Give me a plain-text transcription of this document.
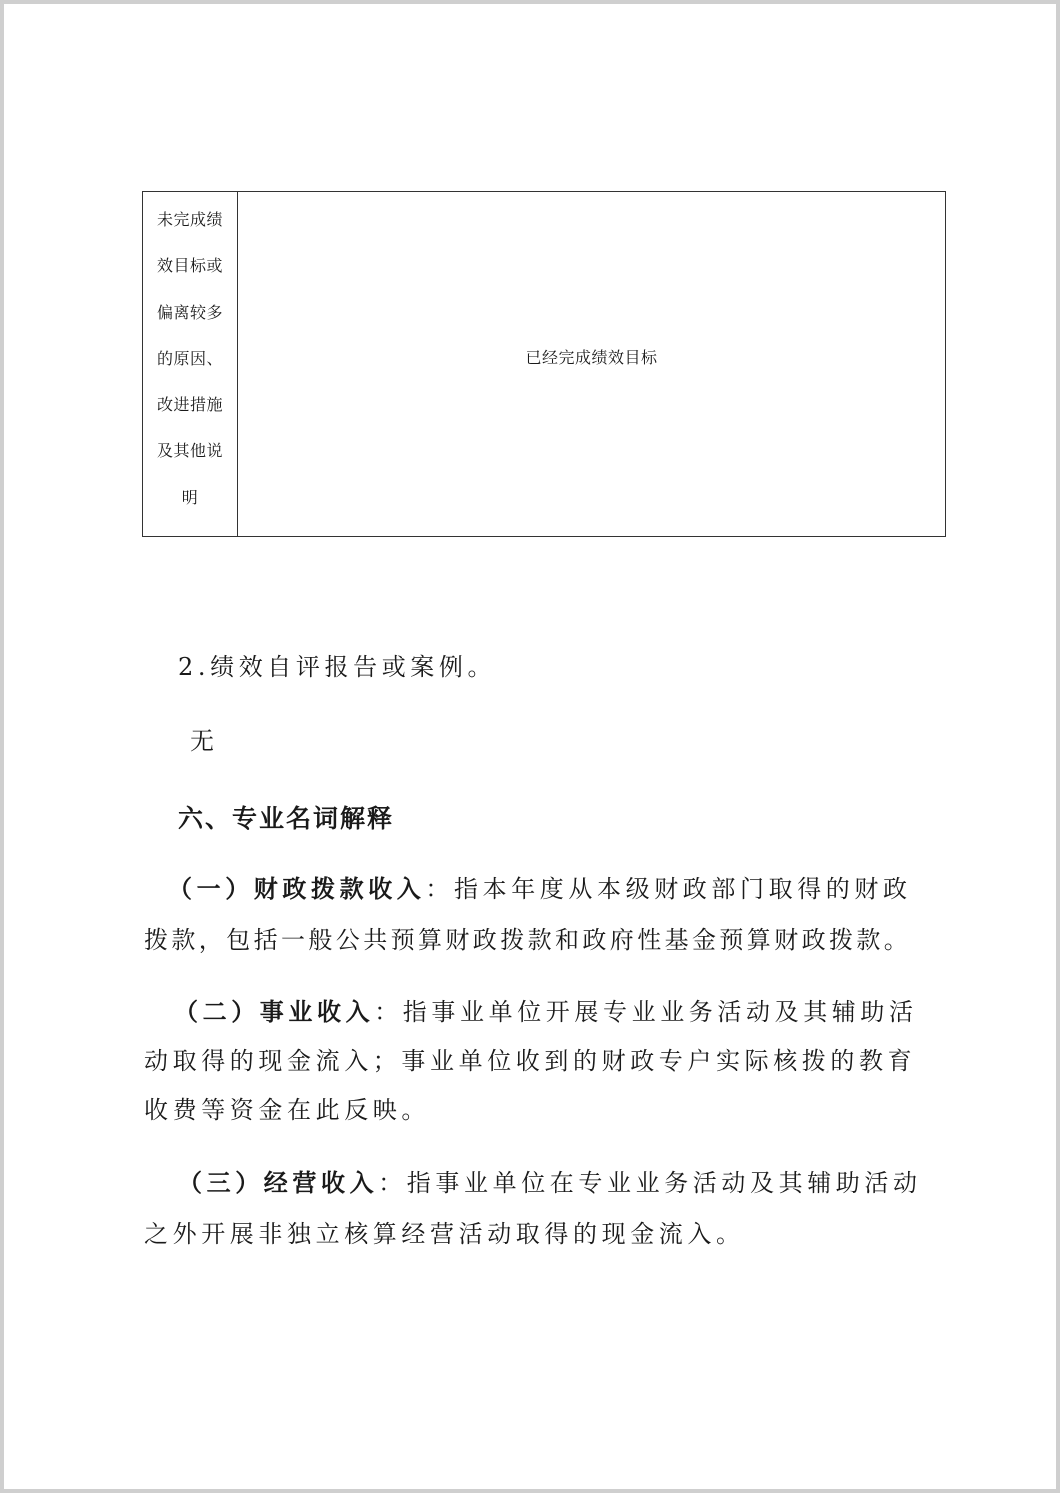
未完成绩
效目标或
偏离较多
的原因、
改进措施
及其他说
明
已经完成绩效目标
2.绩效自评报告或案例。
无
六、专业名词解释
（一）财政拨款收入：指本年度从本级财政部门取得的财政
拨款，包括一般公共预算财政拨款和政府性基金预算财政拨款。
（二）事业收入：指事业单位开展专业业务活动及其辅助活
动取得的现金流入；事业单位收到的财政专户实际核拨的教育
收费等资金在此反映。
（三）经营收入：指事业单位在专业业务活动及其辅助活动
之外开展非独立核算经营活动取得的现金流入。
